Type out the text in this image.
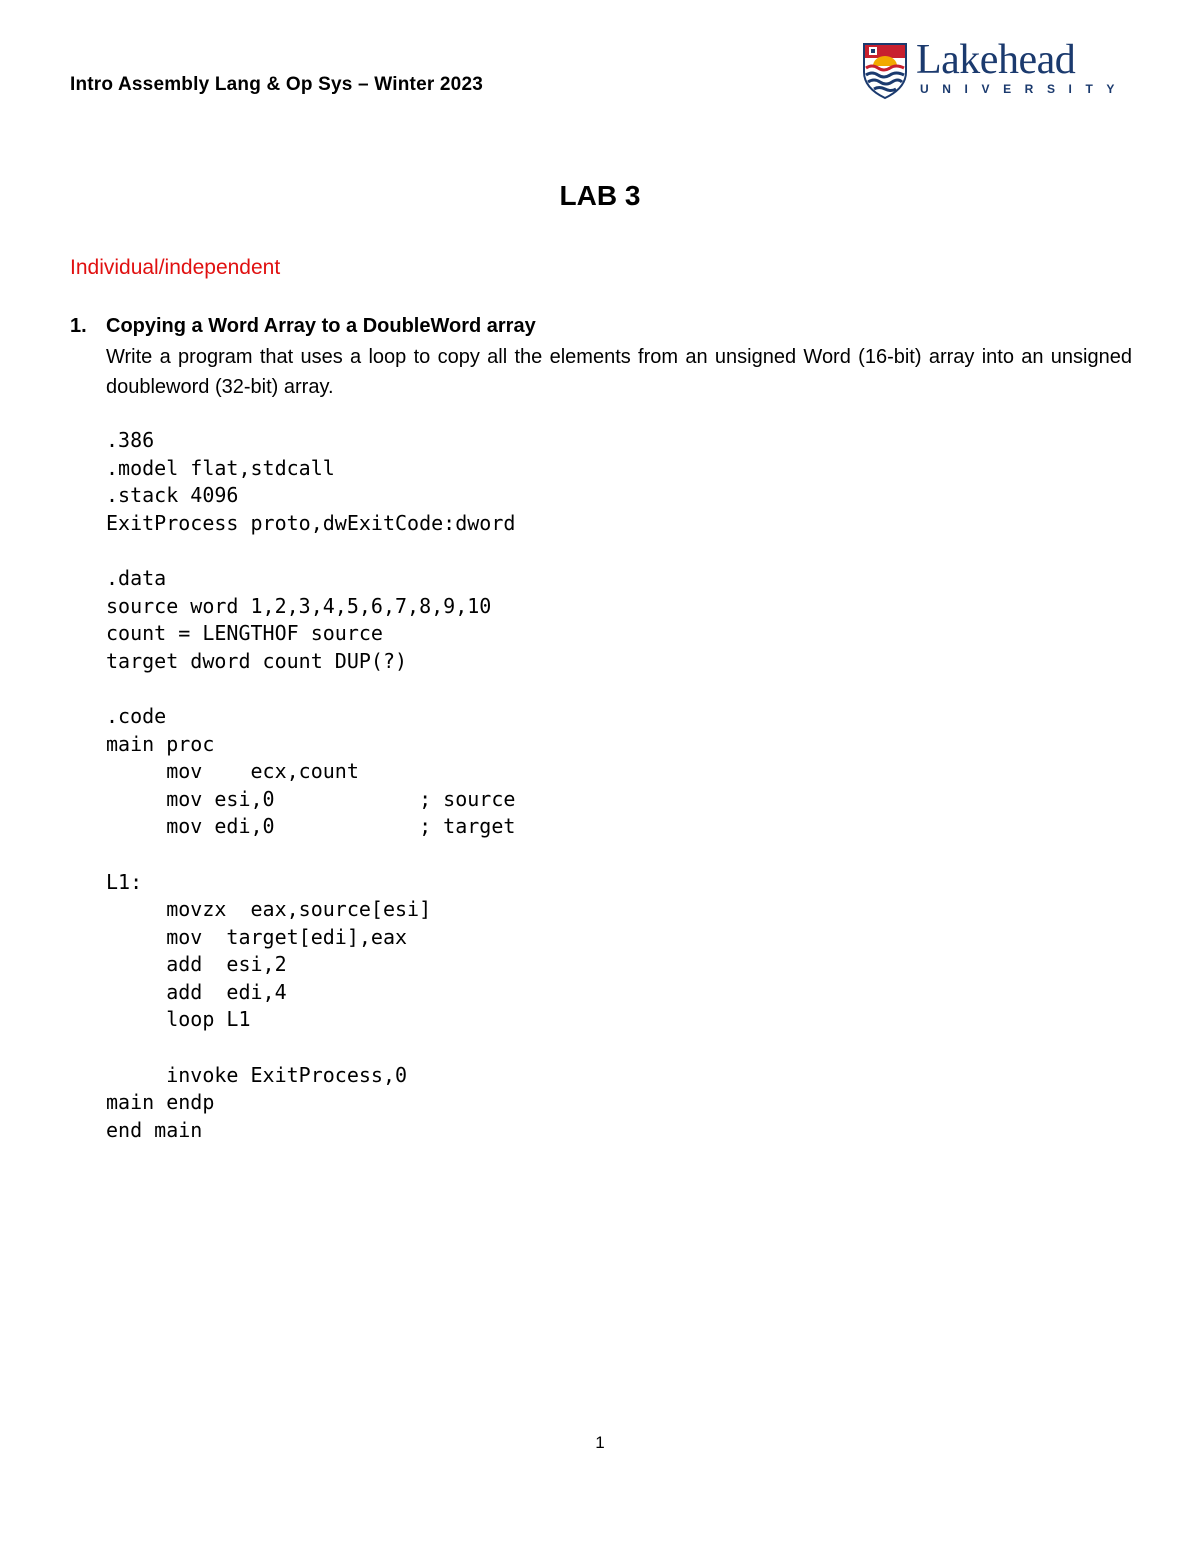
Intro Assembly Lang & Op Sys – Winter 2023
Lakehead
UNIVERSITY
LAB 3
Individual/independent
1. Copying a Word Array to a DoubleWord array
Write a program that uses a loop to copy all the elements from an unsigned Word (16-bit) array into an unsigned doubleword (32-bit) array.
.386
.model flat,stdcall
.stack 4096
ExitProcess proto,dwExitCode:dword

.data
source word 1,2,3,4,5,6,7,8,9,10
count = LENGTHOF source
target dword count DUP(?)

.code
main proc
mov    ecx,count
mov esi,0            ; source
mov edi,0            ; target

L1:
movzx  eax,source[esi]
mov  target[edi],eax
add  esi,2
add  edi,4
loop L1

invoke ExitProcess,0
main endp
end main
1
